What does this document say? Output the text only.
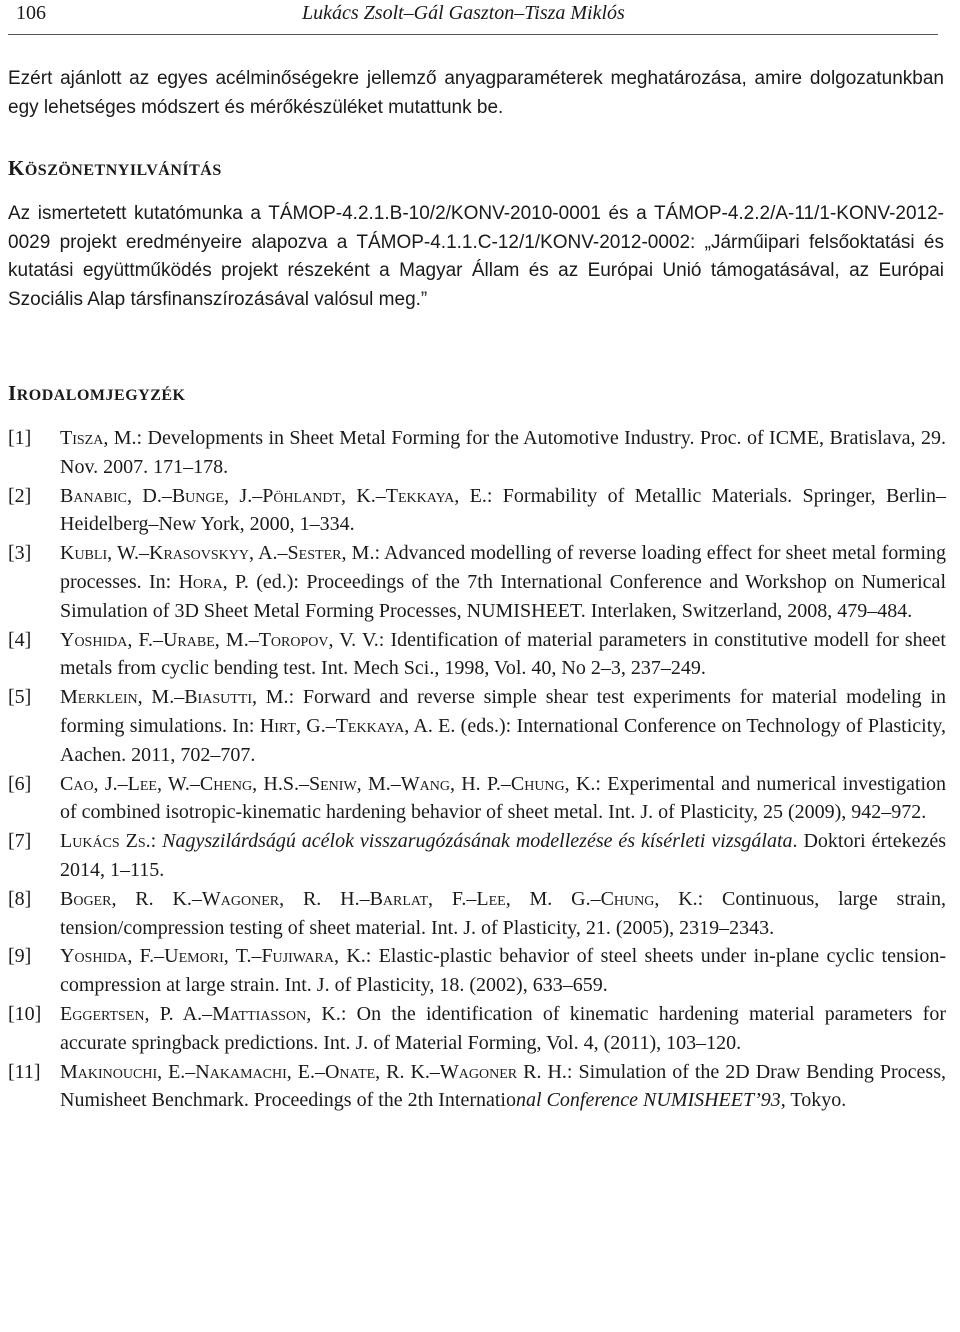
106	Lukács Zsolt–Gál Gaszton–Tisza Miklós
Ezért ajánlott az egyes acélminőségekre jellemző anyagparaméterek meghatározása, amire dolgozatunkban egy lehetséges módszert és mérőkészüléket mutattunk be.
KÖSZÖNETNYILVÁNÍTÁS
Az ismertetett kutatómunka a TÁMOP-4.2.1.B-10/2/KONV-2010-0001 és a TÁMOP-4.2.2/A-11/1-KONV-2012-0029 projekt eredményeire alapozva a TÁMOP-4.1.1.C-12/1/KONV-2012-0002: „Járműipari felsőoktatási és kutatási együttműködés projekt részeként a Magyar Állam és az Európai Unió támogatásával, az Európai Szociális Alap társfinanszírozásával valósul meg.”
IRODALOMJEGYZÉK
[1] Tisza, M.: Developments in Sheet Metal Forming for the Automotive Industry. Proc. of ICME, Bratislava, 29. Nov. 2007. 171–178.
[2] Banabic, D.–Bunge, J.–Pöhlandt, K.–Tekkaya, E.: Formability of Metallic Materials. Springer, Berlin–Heidelberg–New York, 2000, 1–334.
[3] Kubli, W.–Krasovskyy, A.–Sester, M.: Advanced modelling of reverse loading effect for sheet metal forming processes. In: Hora, P. (ed.): Proceedings of the 7th International Conference and Workshop on Numerical Simulation of 3D Sheet Metal Forming Processes, NUMISHEET. Interlaken, Switzerland, 2008, 479–484.
[4] Yoshida, F.–Urabe, M.–Toropov, V. V.: Identification of material parameters in constitutive modell for sheet metals from cyclic bending test. Int. Mech Sci., 1998, Vol. 40, No 2–3, 237–249.
[5] Merklein, M.–Biasutti, M.: Forward and reverse simple shear test experiments for material modeling in forming simulations. In: Hirt, G.–Tekkaya, A. E. (eds.): International Conference on Technology of Plasticity, Aachen. 2011, 702–707.
[6] Cao, J.–Lee, W.–Cheng, H.S.–Seniw, M.–Wang, H. P.–Chung, K.: Experimental and numerical investigation of combined isotropic-kinematic hardening behavior of sheet metal. Int. J. of Plasticity, 25 (2009), 942–972.
[7] Lukács Zs.: Nagyszilárdságú acélok visszarugózásának modellezése és kísérleti vizsgálata. Doktori értekezés 2014, 1–115.
[8] Boger, R. K.–Wagoner, R. H.–Barlat, F.–Lee, M. G.–Chung, K.: Continuous, large strain, tension/compression testing of sheet material. Int. J. of Plasticity, 21. (2005), 2319–2343.
[9] Yoshida, F.–Uemori, T.–Fujiwara, K.: Elastic-plastic behavior of steel sheets under in-plane cyclic tension-compression at large strain. Int. J. of Plasticity, 18. (2002), 633–659.
[10] Eggertsen, P. A.–Mattiasson, K.: On the identification of kinematic hardening material parameters for accurate springback predictions. Int. J. of Material Forming, Vol. 4, (2011), 103–120.
[11] Makinouchi, E.–Nakamachi, E.–Onate, R. K.–Wagoner R. H.: Simulation of the 2D Draw Bending Process, Numisheet Benchmark. Proceedings of the 2th International Conference NUMISHEET’93, Tokyo.
